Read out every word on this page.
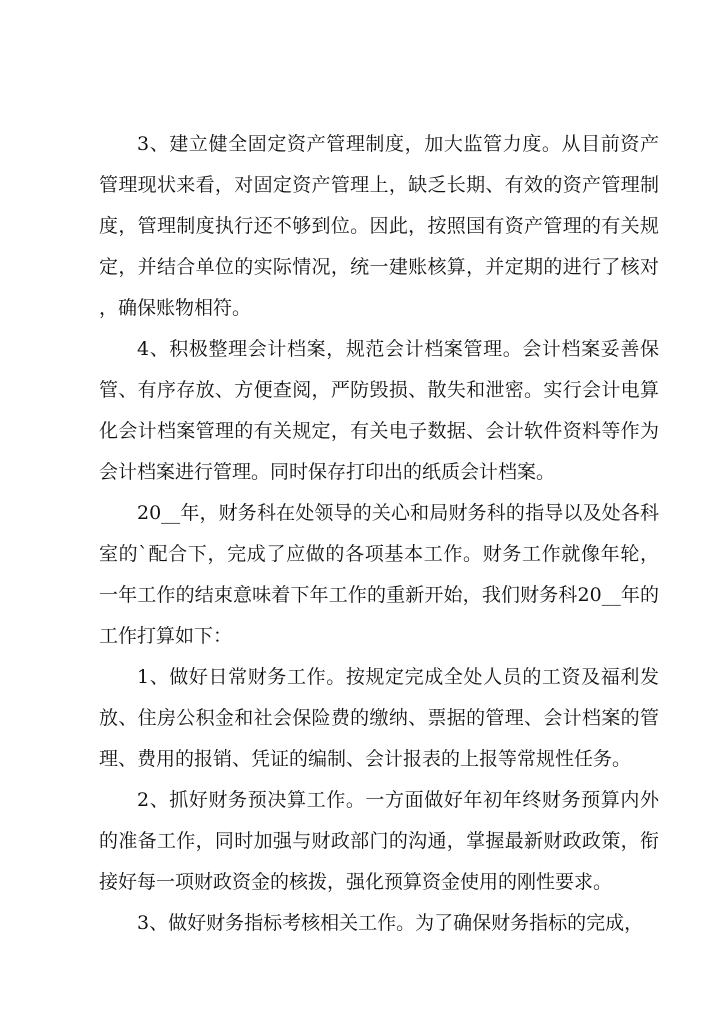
3、建立健全固定资产管理制度，加大监管力度。从目前资产管理现状来看，对固定资产管理上，缺乏长期、有效的资产管理制度，管理制度执行还不够到位。因此，按照国有资产管理的有关规定，并结合单位的实际情况，统一建账核算，并定期的进行了核对，确保账物相符。

4、积极整理会计档案，规范会计档案管理。会计档案妥善保管、有序存放、方便查阅，严防毁损、散失和泄密。实行会计电算化会计档案管理的有关规定，有关电子数据、会计软件资料等作为会计档案进行管理。同时保存打印出的纸质会计档案。

20__年，财务科在处领导的关心和局财务科的指导以及处各科室的`配合下，完成了应做的各项基本工作。财务工作就像年轮，一年工作的结束意味着下年工作的重新开始，我们财务科20__年的工作打算如下：

1、做好日常财务工作。按规定完成全处人员的工资及福利发放、住房公积金和社会保险费的缴纳、票据的管理、会计档案的管理、费用的报销、凭证的编制、会计报表的上报等常规性任务。

2、抓好财务预决算工作。一方面做好年初年终财务预算内外的准备工作，同时加强与财政部门的沟通，掌握最新财政政策，衔接好每一项财政资金的核拨，强化预算资金使用的刚性要求。

3、做好财务指标考核相关工作。为了确保财务指标的完成，
